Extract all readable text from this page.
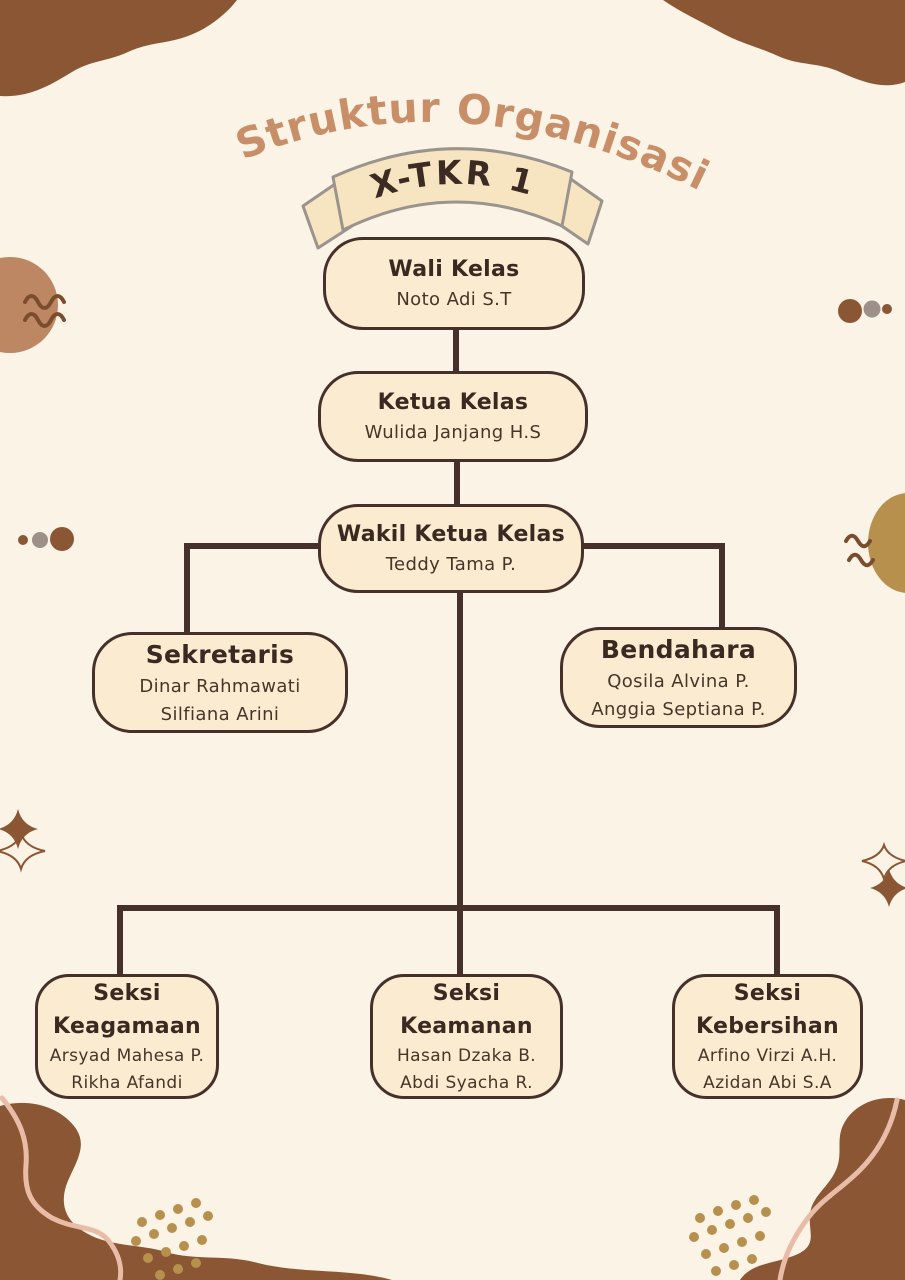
Struktur Organisasi
X-TKR 1
Wali Kelas
Noto Adi S.T
Ketua Kelas
Wulida Janjang H.S
Wakil Ketua Kelas
Teddy Tama P.
Sekretaris
Dinar Rahmawati
Silfiana Arini
Bendahara
Qosila Alvina P.
Anggia Septiana P.
Seksi
Keagamaan
Arsyad Mahesa P.
Rikha Afandi
Seksi
Keamanan
Hasan Dzaka B.
Abdi Syacha R.
Seksi
Kebersihan
Arfino Virzi A.H.
Azidan Abi S.A
